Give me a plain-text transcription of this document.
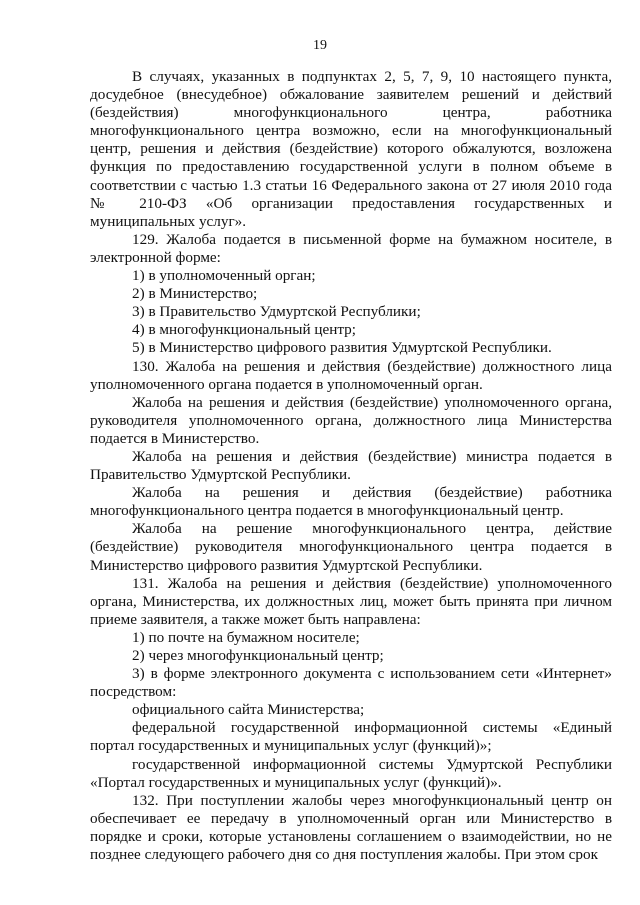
19
В случаях, указанных в подпунктах 2, 5, 7, 9, 10 настоящего пункта, досудебное (внесудебное) обжалование заявителем решений и действий (бездействия) многофункционального центра, работника многофункционального центра возможно, если на многофункциональный центр, решения и действия (бездействие) которого обжалуются, возложена функция по предоставлению государственной услуги в полном объеме в соответствии с частью 1.3 статьи 16 Федерального закона от 27 июля 2010 года № 210-ФЗ «Об организации предоставления государственных и муниципальных услуг».
129. Жалоба подается в письменной форме на бумажном носителе, в электронной форме:
1) в уполномоченный орган;
2) в Министерство;
3) в Правительство Удмуртской Республики;
4) в многофункциональный центр;
5) в Министерство цифрового развития Удмуртской Республики.
130. Жалоба на решения и действия (бездействие) должностного лица уполномоченного органа подается в уполномоченный орган.
Жалоба на решения и действия (бездействие) уполномоченного органа, руководителя уполномоченного органа, должностного лица Министерства подается в Министерство.
Жалоба на решения и действия (бездействие) министра подается в Правительство Удмуртской Республики.
Жалоба на решения и действия (бездействие) работника многофункционального центра подается в многофункциональный центр.
Жалоба на решение многофункционального центра, действие (бездействие) руководителя многофункционального центра подается в Министерство цифрового развития Удмуртской Республики.
131. Жалоба на решения и действия (бездействие) уполномоченного органа, Министерства, их должностных лиц, может быть принята при личном приеме заявителя, а также может быть направлена:
1) по почте на бумажном носителе;
2) через многофункциональный центр;
3) в форме электронного документа с использованием сети «Интернет» посредством:
официального сайта Министерства;
федеральной государственной информационной системы «Единый портал государственных и муниципальных услуг (функций)»;
государственной информационной системы Удмуртской Республики «Портал государственных и муниципальных услуг (функций)».
132. При поступлении жалобы через многофункциональный центр он обеспечивает ее передачу в уполномоченный орган или Министерство в порядке и сроки, которые установлены соглашением о взаимодействии, но не позднее следующего рабочего дня со дня поступления жалобы. При этом срок
